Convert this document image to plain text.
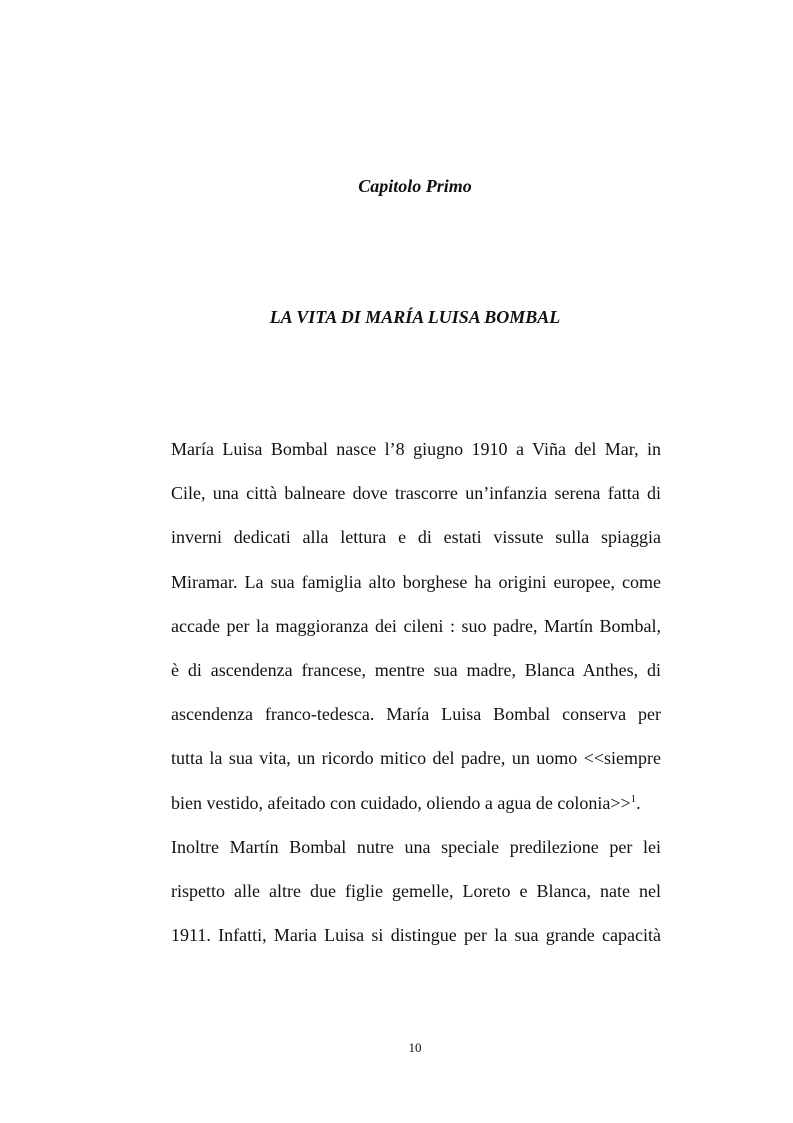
Capitolo Primo
LA VITA DI MARÍA LUISA BOMBAL
María Luisa Bombal nasce l’8 giugno 1910 a Viña del Mar, in
Cile, una città balneare dove trascorre un’infanzia serena fatta di
inverni dedicati alla lettura e di estati vissute sulla spiaggia
Miramar. La sua famiglia alto borghese ha origini europee, come
accade per la maggioranza dei cileni : suo padre, Martín Bombal,
è di ascendenza francese, mentre sua madre, Blanca Anthes, di
ascendenza franco-tedesca. María Luisa Bombal conserva per
tutta la sua vita, un ricordo mitico del padre, un uomo <<siempre
bien vestido, afeitado con cuidado, oliendo a agua de colonia>>$^1$.
Inoltre Martín Bombal nutre una speciale predilezione per lei
rispetto alle altre due figlie gemelle, Loreto e Blanca, nate nel
1911. Infatti, Maria Luisa si distingue per la sua grande capacità
10
